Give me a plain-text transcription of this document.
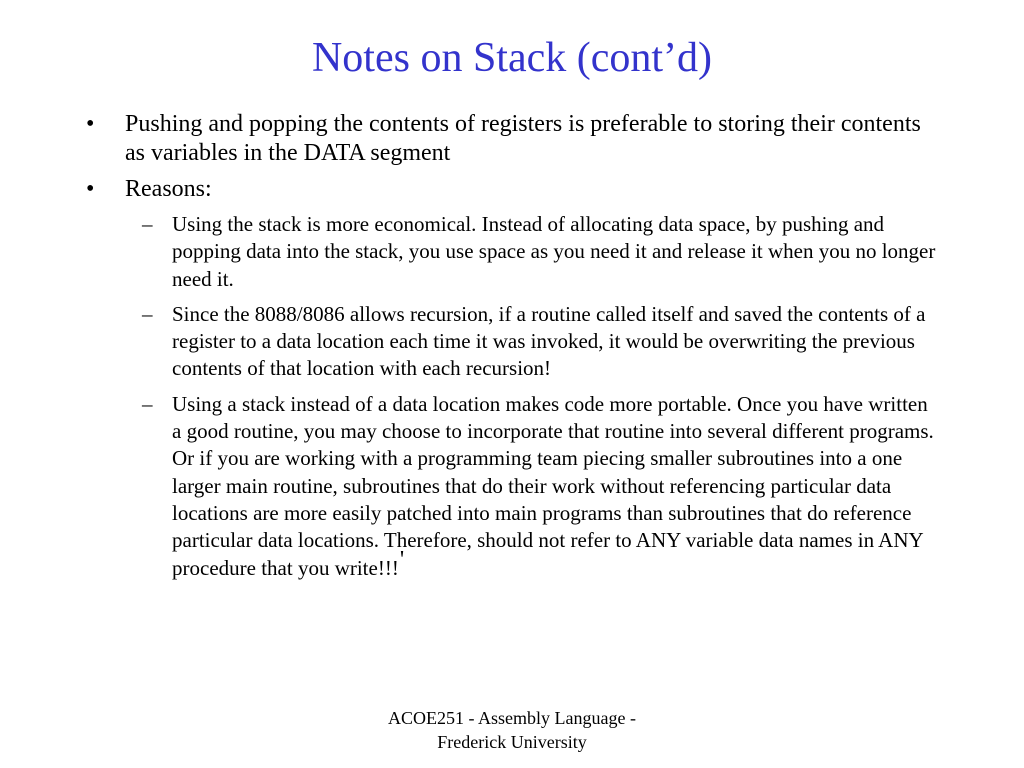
Notes on Stack (cont’d)
• Pushing and popping the contents of registers is preferable to storing their contents as variables in the DATA segment
• Reasons:
– Using the stack is more economical. Instead of allocating data space, by pushing and popping data into the stack, you use space as you need it and release it when you no longer need it.
– Since the 8088/8086 allows recursion, if a routine called itself and saved the contents of a register to a data location each time it was invoked, it would be overwriting the previous contents of that location with each recursion!
– Using a stack instead of a data location makes code more portable. Once you have written a good routine, you may choose to incorporate that routine into several different programs. Or if you are working with a programming team piecing smaller subroutines into a one larger main routine, subroutines that do their work without referencing particular data locations are more easily patched into main programs than subroutines that do reference particular data locations. Therefore, should not refer to ANY variable data names in ANY procedure that you write!!!'
ACOE251 - Assembly Language -
Frederick University
